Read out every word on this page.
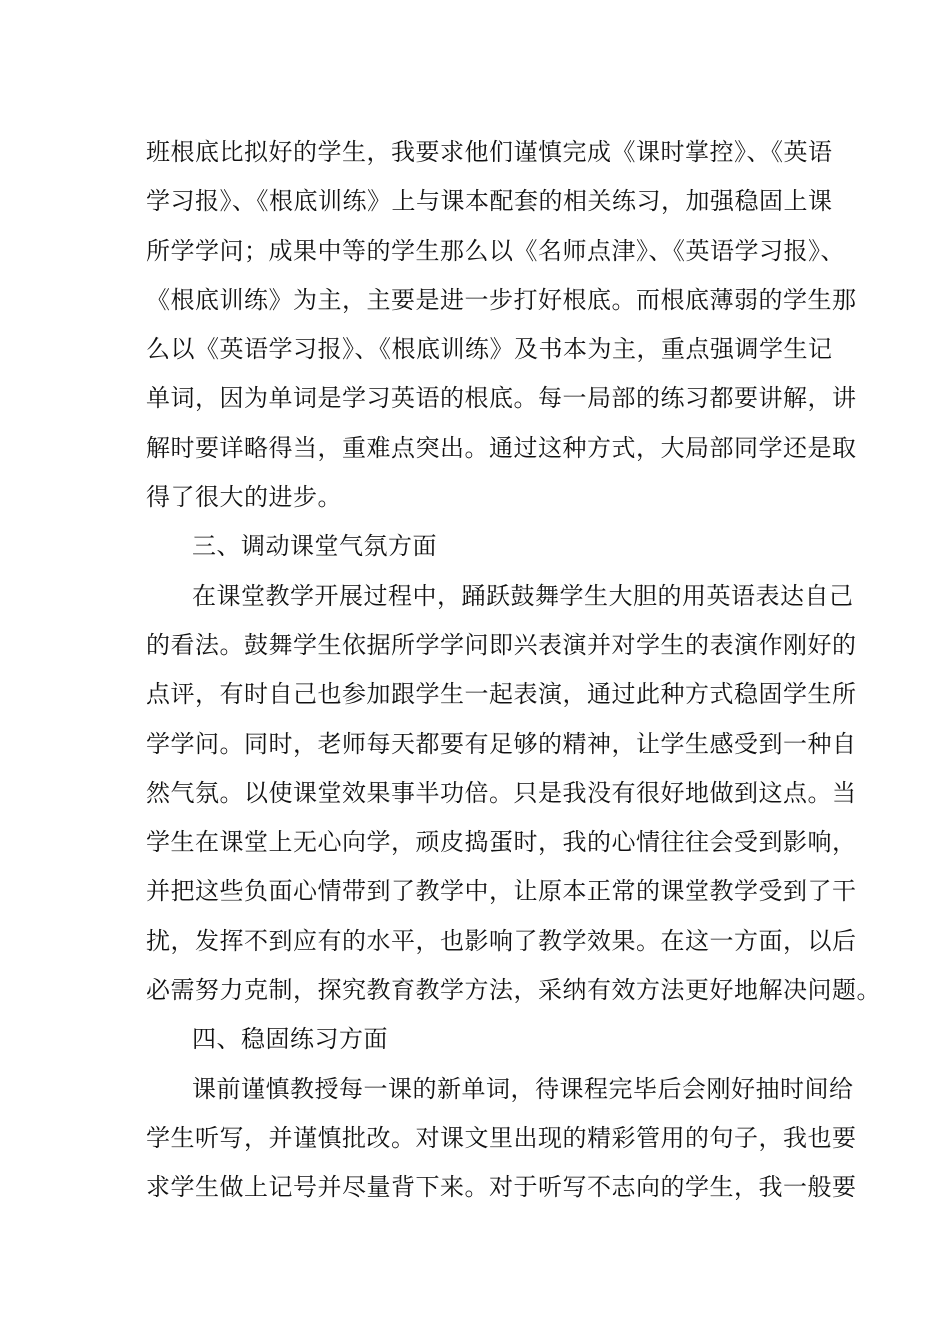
班根底比拟好的学生，我要求他们谨慎完成《课时掌控》、《英语
学习报》、《根底训练》上与课本配套的相关练习，加强稳固上课
所学学问；成果中等的学生那么以《名师点津》、《英语学习报》、
《根底训练》为主，主要是进一步打好根底。而根底薄弱的学生那
么以《英语学习报》、《根底训练》及书本为主，重点强调学生记
单词，因为单词是学习英语的根底。每一局部的练习都要讲解，讲
解时要详略得当，重难点突出。通过这种方式，大局部同学还是取
得了很大的进步。
三、调动课堂气氛方面
在课堂教学开展过程中，踊跃鼓舞学生大胆的用英语表达自己
的看法。鼓舞学生依据所学学问即兴表演并对学生的表演作刚好的
点评，有时自己也参加跟学生一起表演，通过此种方式稳固学生所
学学问。同时，老师每天都要有足够的精神，让学生感受到一种自
然气氛。以使课堂效果事半功倍。只是我没有很好地做到这点。当
学生在课堂上无心向学，顽皮捣蛋时，我的心情往往会受到影响，
并把这些负面心情带到了教学中，让原本正常的课堂教学受到了干
扰，发挥不到应有的水平，也影响了教学效果。在这一方面，以后
必需努力克制，探究教育教学方法，采纳有效方法更好地解决问题。
四、稳固练习方面
课前谨慎教授每一课的新单词，待课程完毕后会刚好抽时间给
学生听写，并谨慎批改。对课文里出现的精彩管用的句子，我也要
求学生做上记号并尽量背下来。对于听写不志向的学生，我一般要
